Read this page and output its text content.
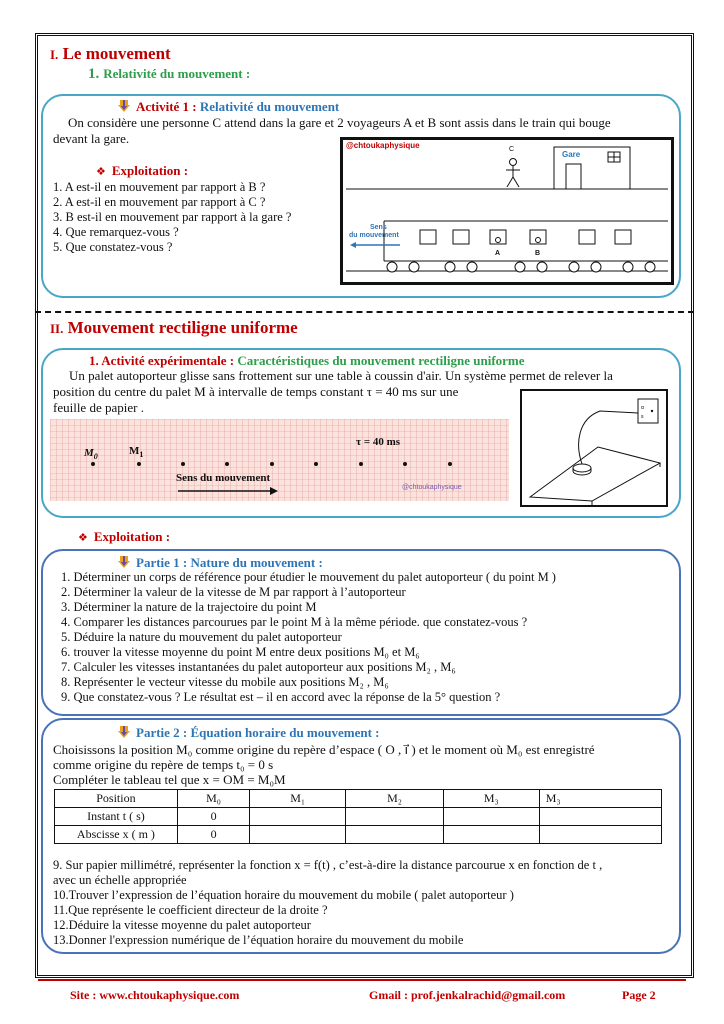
I. Le mouvement
1. Relativité du mouvement :
Activité 1 : Relativité du mouvement
On considère une personne C attend dans la gare et 2 voyageurs A et B sont assis dans le train qui bouge
devant la gare.
❖ Exploitation :
1. A est-il en mouvement par rapport à B ?
2. A est-il en mouvement par rapport à C ?
3. B est-il en mouvement par rapport à la gare ?
4. Que remarquez-vous ?
5. Que constatez-vous ?
@chtoukaphysique	C
Gare
Sens
du mouvement
A	B
II. Mouvement rectiligne uniforme
1. Activité expérimentale : Caractéristiques du mouvement rectiligne uniforme
Un palet autoporteur glisse sans frottement sur une table à coussin d'air. Un système permet de relever la
position du centre du palet M à intervalle de temps constant τ = 40 ms sur une
feuille de papier .
$M_0$	$M_1$
τ = 40 ms
Sens du mouvement
@chtoukaphysique
α
s
❖ Exploitation :
Partie 1 : Nature du mouvement :
1. Déterminer un corps de référence pour étudier le mouvement du palet autoporteur ( du point M )
2. Déterminer la valeur de la vitesse de M par rapport à l’autoporteur
3. Déterminer la nature de la trajectoire du point M
4. Comparer les distances parcourues par le point M à la même période. que constatez-vous ?
5. Déduire la nature du mouvement du palet autoporteur
6. trouver la vitesse moyenne du point M entre deux positions M₀ et M₆
7. Calculer les vitesses instantanées du palet autoporteur aux positions M₂ , M₆
8. Représenter le vecteur vitesse du mobile aux positions M₂ , M₆
9. Que constatez-vous ? Le résultat est – il en accord avec la réponse de la 5° question ?
Partie 2 : Équation horaire du mouvement :
Choisissons la position M₀ comme origine du repère d’espace ( O , i⃗ ) et le moment où M₀ est enregistré
comme origine du repère de temps t₀ = 0 s
Compléter le tableau tel que x = OM = M₀M
Position	M₀	M₁	M₂	M₃	M₃
Instant t ( s)	0				
Abscisse x ( m )	0				
9. Sur papier millimétré, représenter la fonction x = f(t) , c’est-à-dire la distance parcourue x en fonction de t ,
avec un échelle appropriée
10.Trouver l’expression de l’équation horaire du mouvement du mobile ( palet autoporteur )
11.Que représente le coefficient directeur de la droite ?
12.Déduire la vitesse moyenne du palet autoporteur
13.Donner l'expression numérique de l’équation horaire du mouvement du mobile
Site : www.chtoukaphysique.com	Gmail : prof.jenkalrachid@gmail.com	Page 2
